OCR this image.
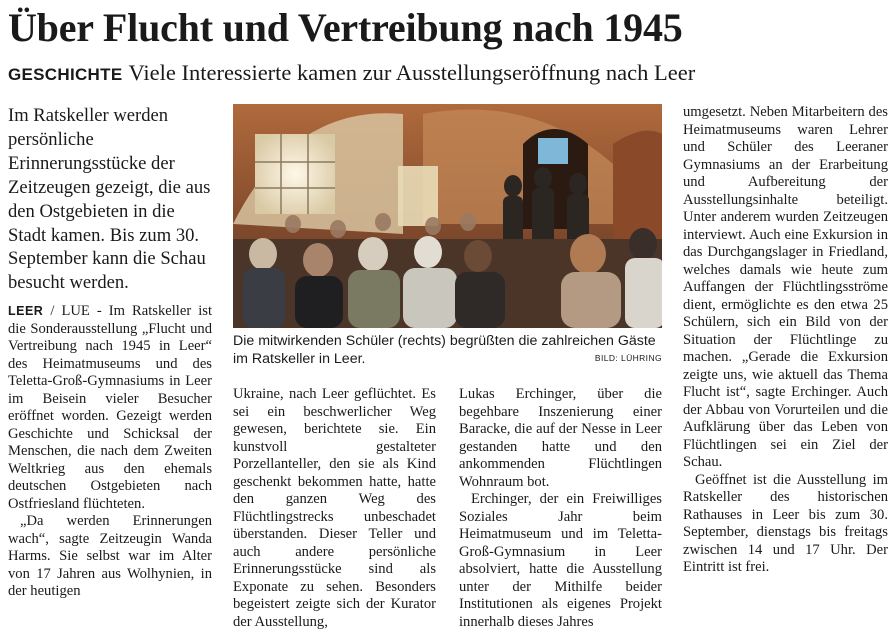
Über Flucht und Vertreibung nach 1945
GESCHICHTE Viele Interessierte kamen zur Ausstellungseröffnung nach Leer

Im Ratskeller werden persönliche Erinnerungsstücke der Zeitzeugen gezeigt, die aus den Ostgebieten in die Stadt kamen. Bis zum 30. September kann die Schau besucht werden.

LEER / LUE - Im Ratskeller ist die Sonderausstellung „Flucht und Vertreibung nach 1945 in Leer“ des Heimatmuseums und des Teletta-Groß-Gymnasiums in Leer im Beisein vieler Besucher eröffnet worden. Gezeigt werden Geschichte und Schicksal der Menschen, die nach dem Zweiten Weltkrieg aus den ehemals deutschen Ostgebieten nach Ostfriesland flüchteten.

„Da werden Erinnerungen wach“, sagte Zeitzeugin Wanda Harms. Sie selbst war im Alter von 17 Jahren aus Wolhynien, in der heutigen

Die mitwirkenden Schüler (rechts) begrüßten die zahlreichen Gäste im Ratskeller in Leer.	BILD: LÜHRING

Ukraine, nach Leer geflüchtet. Es sei ein beschwerlicher Weg gewesen, berichtete sie. Ein kunstvoll gestalteter Porzellanteller, den sie als Kind geschenkt bekommen hatte, hatte den ganzen Weg des Flüchtlingstrecks unbeschadet überstanden. Dieser Teller und auch andere persönliche Erinnerungsstücke sind als Exponate zu sehen. Besonders begeistert zeigte sich der Kurator der Ausstellung,

Lukas Erchinger, über die begehbare Inszenierung einer Baracke, die auf der Nesse in Leer gestanden hatte und den ankommenden Flüchtlingen Wohnraum bot.

Erchinger, der ein Freiwilliges Soziales Jahr beim Heimatmuseum und im Teletta-Groß-Gymnasium in Leer absolviert, hatte die Ausstellung unter der Mithilfe beider Institutionen als eigenes Projekt innerhalb dieses Jahres

umgesetzt. Neben Mitarbeitern des Heimatmuseums waren Lehrer und Schüler des Leeraner Gymnasiums an der Erarbeitung und Aufbereitung der Ausstellungsinhalte beteiligt. Unter anderem wurden Zeitzeugen interviewt. Auch eine Exkursion in das Durchgangslager in Friedland, welches damals wie heute zum Auffangen der Flüchtlingsströme dient, ermöglichte es den etwa 25 Schülern, sich ein Bild von der Situation der Flüchtlinge zu machen. „Gerade die Exkursion zeigte uns, wie aktuell das Thema Flucht ist“, sagte Erchinger. Auch der Abbau von Vorurteilen und die Aufklärung über das Leben von Flüchtlingen sei ein Ziel der Schau.

Geöffnet ist die Ausstellung im Ratskeller des historischen Rathauses in Leer bis zum 30. September, dienstags bis freitags zwischen 14 und 17 Uhr. Der Eintritt ist frei.
